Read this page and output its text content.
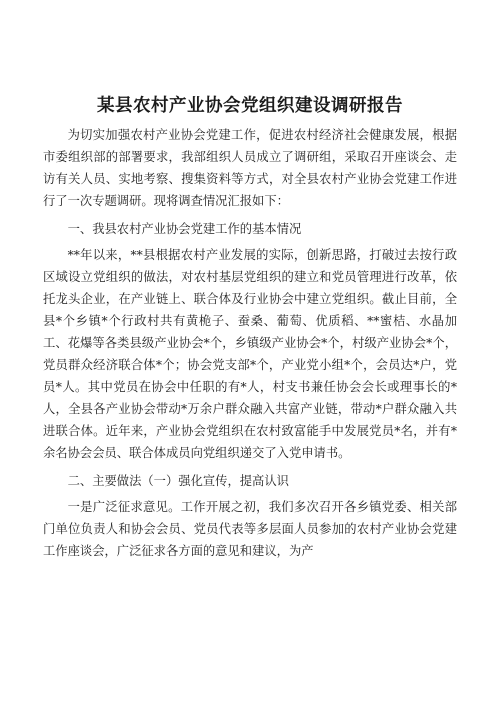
某县农村产业协会党组织建设调研报告

为切实加强农村产业协会党建工作，促进农村经济社会健康发展，根据市委组织部的部署要求，我部组织人员成立了调研组，采取召开座谈会、走访有关人员、实地考察、搜集资料等方式，对全县农村产业协会党建工作进行了一次专题调研。现将调查情况汇报如下：

一、我县农村产业协会党建工作的基本情况

**年以来，**县根据农村产业发展的实际，创新思路，打破过去按行政区域设立党组织的做法，对农村基层党组织的建立和党员管理进行改革，依托龙头企业，在产业链上、联合体及行业协会中建立党组织。截止目前，全县*个乡镇*个行政村共有黄桅子、蚕桑、葡萄、优质稻、**蜜桔、水晶加工、花爆等各类县级产业协会*个，乡镇级产业协会*个，村级产业协会*个，党员群众经济联合体*个；协会党支部*个，产业党小组*个，会员达*户，党员*人。其中党员在协会中任职的有*人，村支书兼任协会会长或理事长的*人，全县各产业协会带动*万余户群众融入共富产业链，带动*户群众融入共进联合体。近年来，产业协会党组织在农村致富能手中发展党员*名，并有*余名协会会员、联合体成员向党组织递交了入党申请书。

二、主要做法（一）强化宣传，提高认识

一是广泛征求意见。工作开展之初，我们多次召开各乡镇党委、相关部门单位负责人和协会会员、党员代表等多层面人员参加的农村产业协会党建工作座谈会，广泛征求各方面的意见和建议，为产
